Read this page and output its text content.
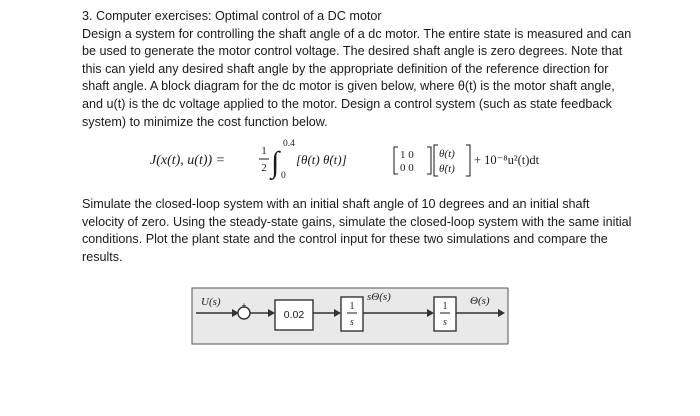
3. Computer exercises: Optimal control of a DC motor

Design a system for controlling the shaft angle of a dc motor. The entire state is measured and can be used to generate the motor control voltage. The desired shaft angle is zero degrees. Note that this can yield any desired shaft angle by the appropriate definition of the reference direction for shaft angle. A block diagram for the dc motor is given below, where θ(t) is the motor shaft angle, and u(t) is the dc voltage applied to the motor. Design a control system (such as state feedback system) to minimize the cost function below.

J(x(t), u(t)) =
1
2 ∫
0.4
0
[θ(t) θ̇(t)]	1 0
0 0
θ(t)
θ̇(t)
+ 10⁻⁸u²(t)dt

Simulate the closed-loop system with an initial shaft angle of 10 degrees and an initial shaft velocity of zero. Using the steady-state gains, simulate the closed-loop system with the same initial conditions. Plot the plant state and the control input for these two simulations and compare the results.

U(s)	+
0.02
1
s
sΘ(s)
1
s
Θ(s)
